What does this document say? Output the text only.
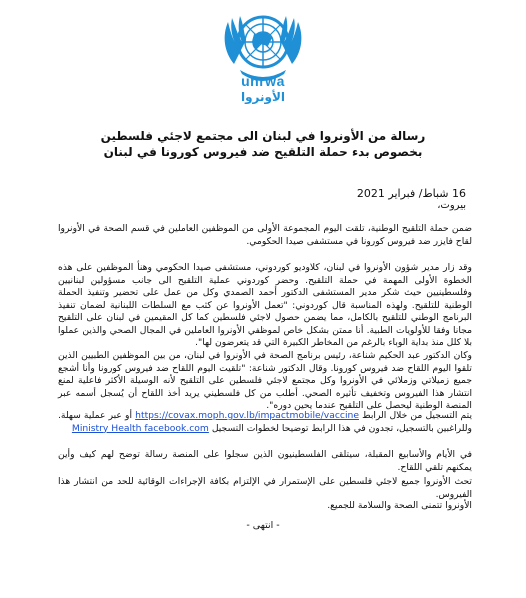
unrwa
الأونروا
رسالة من الأونروا في لبنان الى مجتمع لاجئي فلسطين
بخصوص بدء حملة التلقيح ضد فيروس كورونا في لبنان
16 شباط/ فبراير 2021
بيروت،
ضمن حملة التلقيح الوطنية، تلقت اليوم المجموعة الأولى من الموظفين العاملين في قسم الصحة في الأونروا لقاح فايزر ضد فيروس كورونا في مستشفى صيدا الحكومي.
وقد زار مدير شؤون الأونروا في لبنان، كلاوديو كوردوني، مستشفى صيدا الحكومي وهنأ الموظفين على هذه الخطوة الأولى المهمة في حملة التلقيح. وحضر كوردوني عملية التلقيح الى جانب مسؤولين لبنانيين وفلسطينيين حيث شكر مدير المستشفى الدكتور أحمد الصمدي وكل من عمل على تحضير وتنفيذ الحملة الوطنية للتلقيح. ولهذه المناسبة قال كوردوني: "تعمل الأونروا عن كثب مع السلطات اللبنانية لضمان تنفيذ البرنامج الوطني للتلقيح بالكامل، مما يضمن حصول لاجئي فلسطين كما كل المقيمين في لبنان على التلقيح مجانا وفقا للأولويات الطبية. أنا ممتن بشكل خاص لموظفي الأونروا العاملين في المجال الصحي والذين عملوا بلا كلل منذ بداية الوباء بالرغم من المخاطر الكبيرة التي قد يتعرضون لها".
وكان الدكتور عبد الحكيم شناعة، رئيس برنامج الصحة في الأونروا في لبنان، من بين الموظفين الطبيين الذين تلقوا اليوم اللقاح ضد فيروس كورونا. وقال الدكتور شناعة: "تلقيت اليوم اللقاح ضد فيروس كورونا وأنا أشجع جميع زميلاتي وزملائي في الأونروا وكل مجتمع لاجئي فلسطين على التلقيح لأنه الوسيلة الأكثر فاعلية لمنع انتشار هذا الفيروس وتخفيف تأثيره الصحي. أطلب من كل فلسطيني يريد أخذ اللقاح أن يُسجل أسمه عبر المنصة الوطنية ليحصل على التلقيح عندما يحين دوره".
يتم التسجيل من خلال الرابط https://covax.moph.gov.lb/impactmobile/vaccine أو عبر عملية سهلة. وللراغبين بالتسجيل، تجدون في هذا الرابط توضيحا لخطوات التسجيل Ministry Health facebook.com
في الأيام والأسابيع المقبلة، سيتلقى الفلسطينيون الذين سجلوا على المنصة رسالة توضح لهم كيف وأين يمكنهم تلقي اللقاح.
تحث الأونروا جميع لاجئي فلسطين على الإستمرار في الإلتزام بكافة الإجراءات الوقائية للحد من انتشار هذا الفيروس.
الأونروا تتمنى الصحة والسلامة للجميع.
- انتهى -
